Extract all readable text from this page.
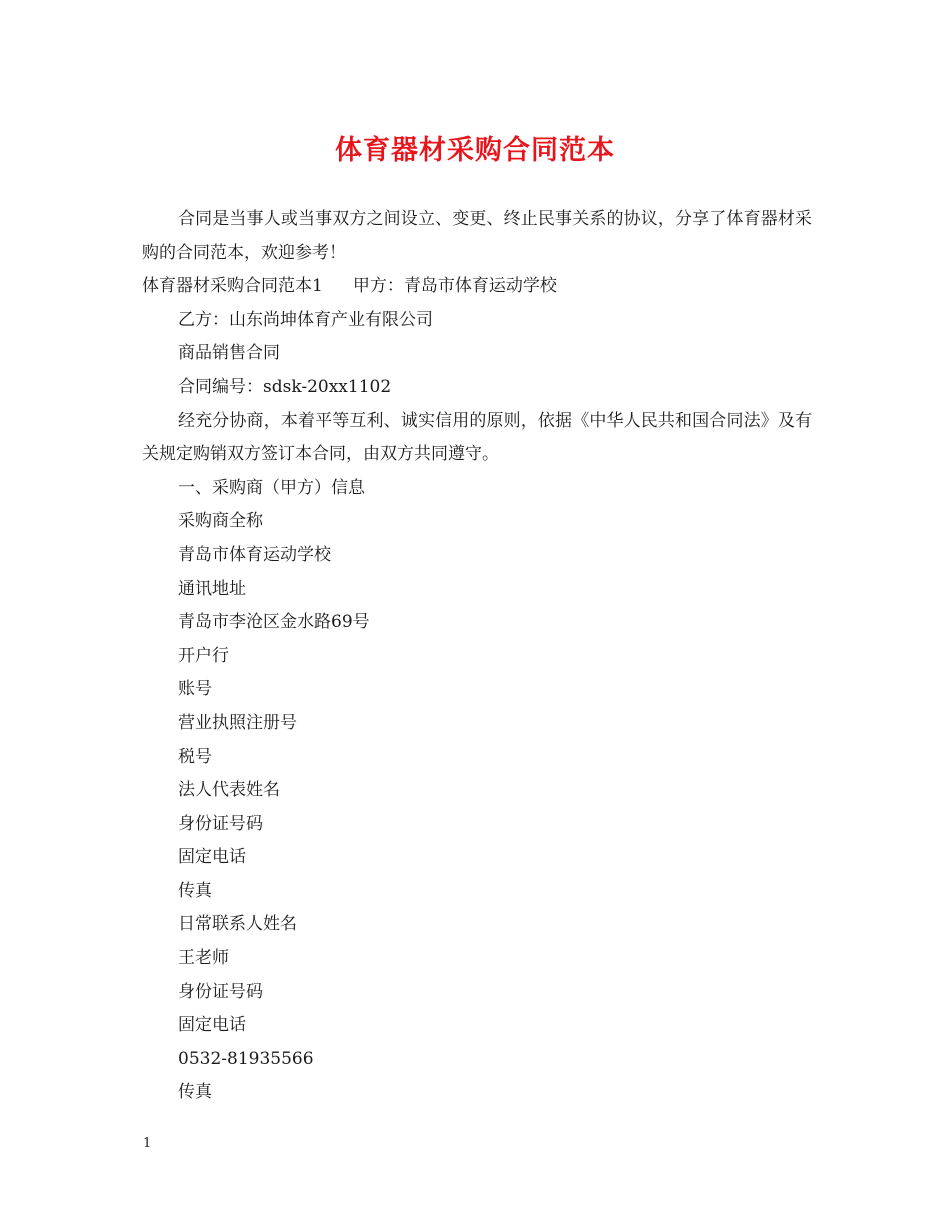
体育器材采购合同范本

合同是当事人或当事双方之间设立、变更、终止民事关系的协议，分享了体育器材采购的合同范本，欢迎参考！

体育器材采购合同范本1 甲方：青岛市体育运动学校

乙方：山东尚坤体育产业有限公司

商品销售合同

合同编号：sdsk-20xx1102

经充分协商，本着平等互利、诚实信用的原则，依据《中华人民共和国合同法》及有关规定购销双方签订本合同，由双方共同遵守。

一、采购商（甲方）信息

采购商全称

青岛市体育运动学校

通讯地址

青岛市李沧区金水路69号

开户行

账号

营业执照注册号

税号

法人代表姓名

身份证号码

固定电话

传真

日常联系人姓名

王老师

身份证号码

固定电话

0532-81935566

传真

1
